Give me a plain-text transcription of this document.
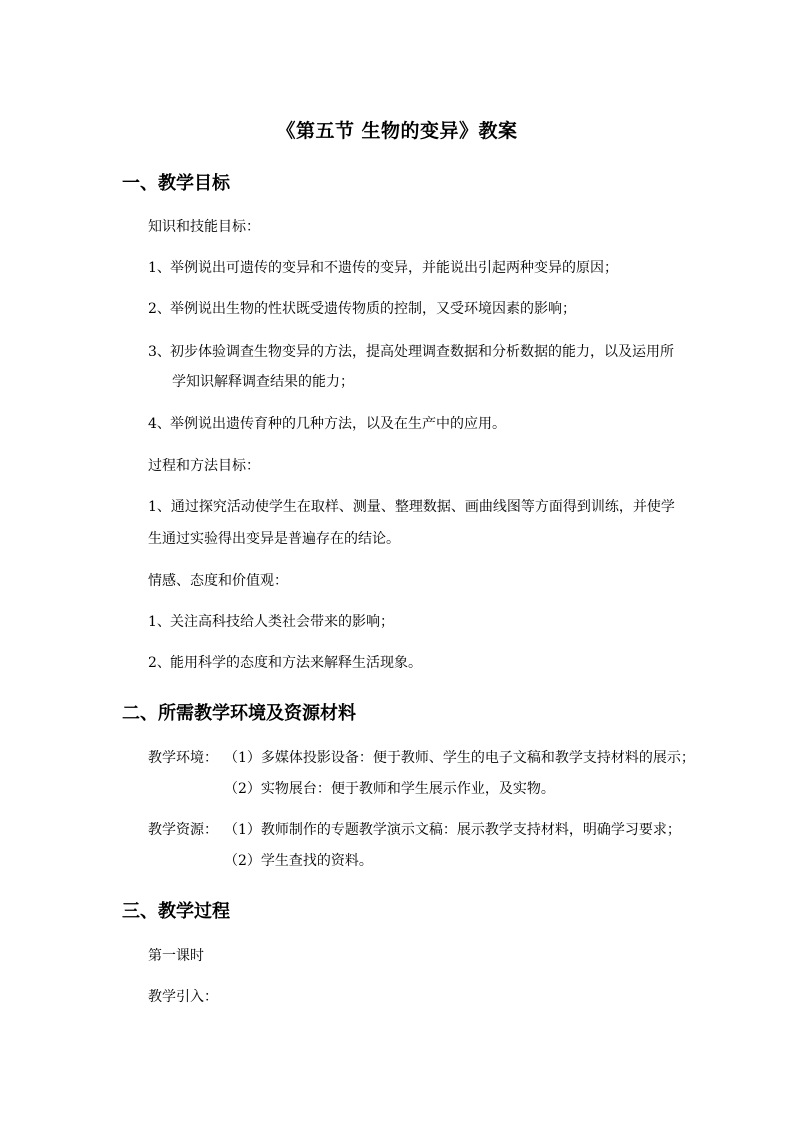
《第五节 生物的变异》教案
一、教学目标
知识和技能目标：
1、举例说出可遗传的变异和不遗传的变异，并能说出引起两种变异的原因；
2、举例说出生物的性状既受遗传物质的控制，又受环境因素的影响；
3、初步体验调查生物变异的方法，提高处理调查数据和分析数据的能力，以及运用所
学知识解释调查结果的能力；
4、举例说出遗传育种的几种方法，以及在生产中的应用。
过程和方法目标：
1、通过探究活动使学生在取样、测量、整理数据、画曲线图等方面得到训练，并使学
生通过实验得出变异是普遍存在的结论。
情感、态度和价值观：
1、关注高科技给人类社会带来的影响；
2、能用科学的态度和方法来解释生活现象。
二、所需教学环境及资源材料
教学环境： （1）多媒体投影设备：便于教师、学生的电子文稿和教学支持材料的展示；
（2）实物展台：便于教师和学生展示作业，及实物。
教学资源： （1）教师制作的专题教学演示文稿：展示教学支持材料，明确学习要求；
（2）学生查找的资料。
三、教学过程
第一课时
教学引入：
